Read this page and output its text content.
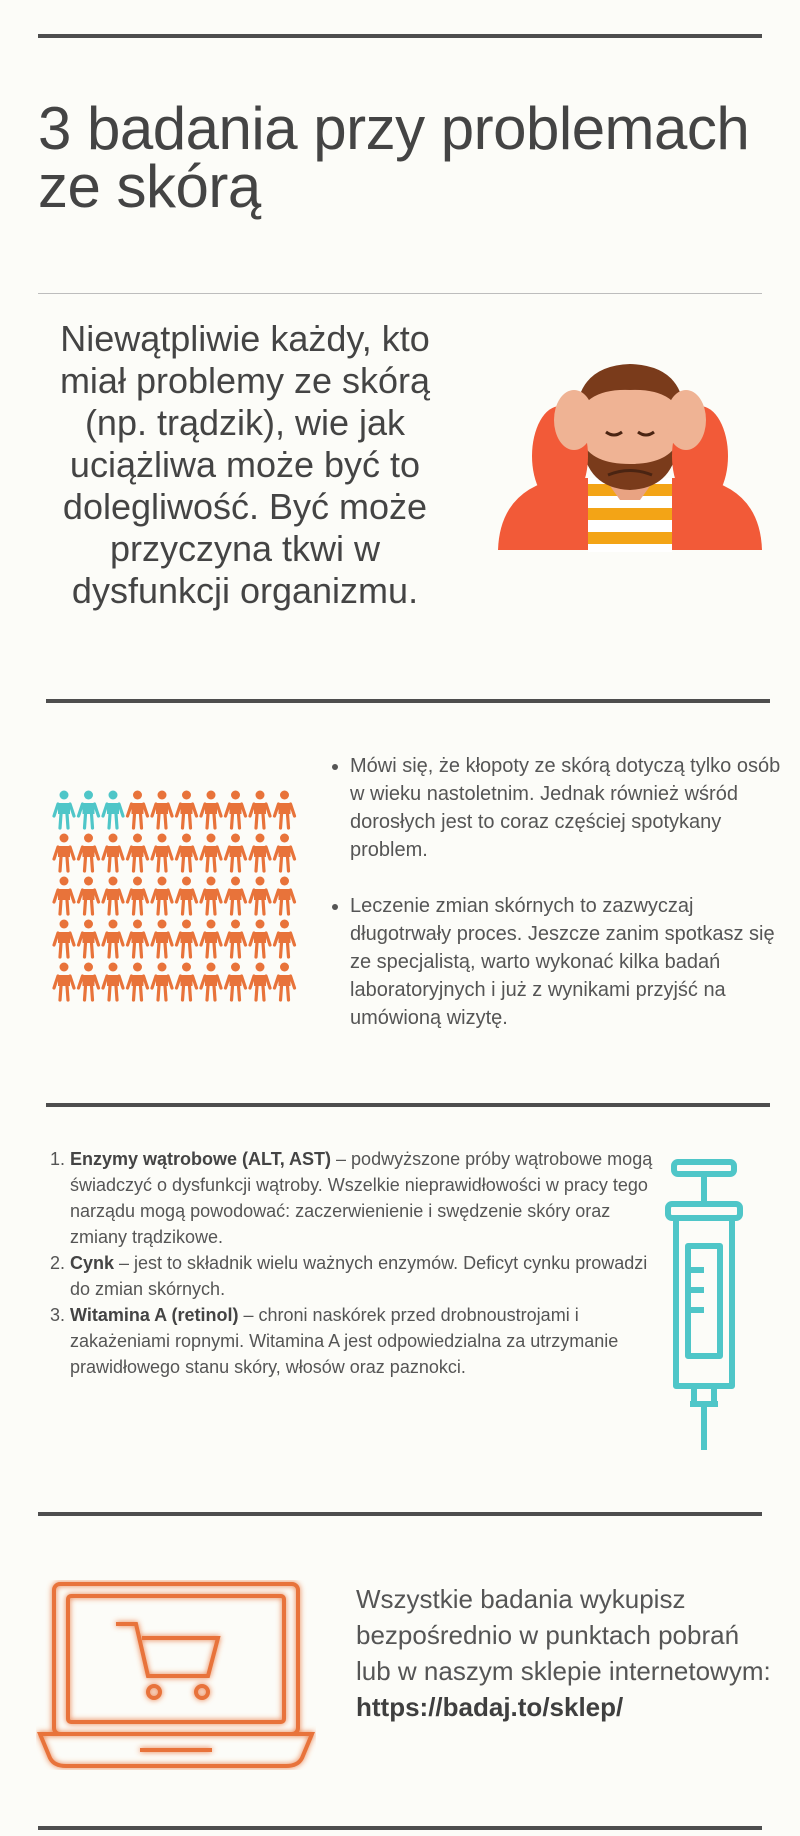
3 badania przy problemach ze skórą

Niewątpliwie każdy, kto miał problemy ze skórą (np. trądzik), wie jak uciążliwa może być to dolegliwość. Być może przyczyna tkwi w dysfunkcji organizmu.

• Mówi się, że kłopoty ze skórą dotyczą tylko osób w wieku nastoletnim. Jednak również wśród dorosłych jest to coraz częściej spotykany problem.
• Leczenie zmian skórnych to zazwyczaj długotrwały proces. Jeszcze zanim spotkasz się ze specjalistą, warto wykonać kilka badań laboratoryjnych i już z wynikami przyjść na umówioną wizytę.
1. Enzymy wątrobowe (ALT, AST) – podwyższone próby wątrobowe mogą świadczyć o dysfunkcji wątroby. Wszelkie nieprawidłowości w pracy tego narządu mogą powodować: zaczerwienienie i swędzenie skóry oraz zmiany trądzikowe.
2. Cynk – jest to składnik wielu ważnych enzymów. Deficyt cynku prowadzi do zmian skórnych.
3. Witamina A (retinol) – chroni naskórek przed drobnoustrojami i zakażeniami ropnymi. Witamina A jest odpowiedzialna za utrzymanie prawidłowego stanu skóry, włosów oraz paznokci.

Wszystkie badania wykupisz bezpośrednio w punktach pobrań lub w naszym sklepie internetowym:
https://badaj.to/sklep/
